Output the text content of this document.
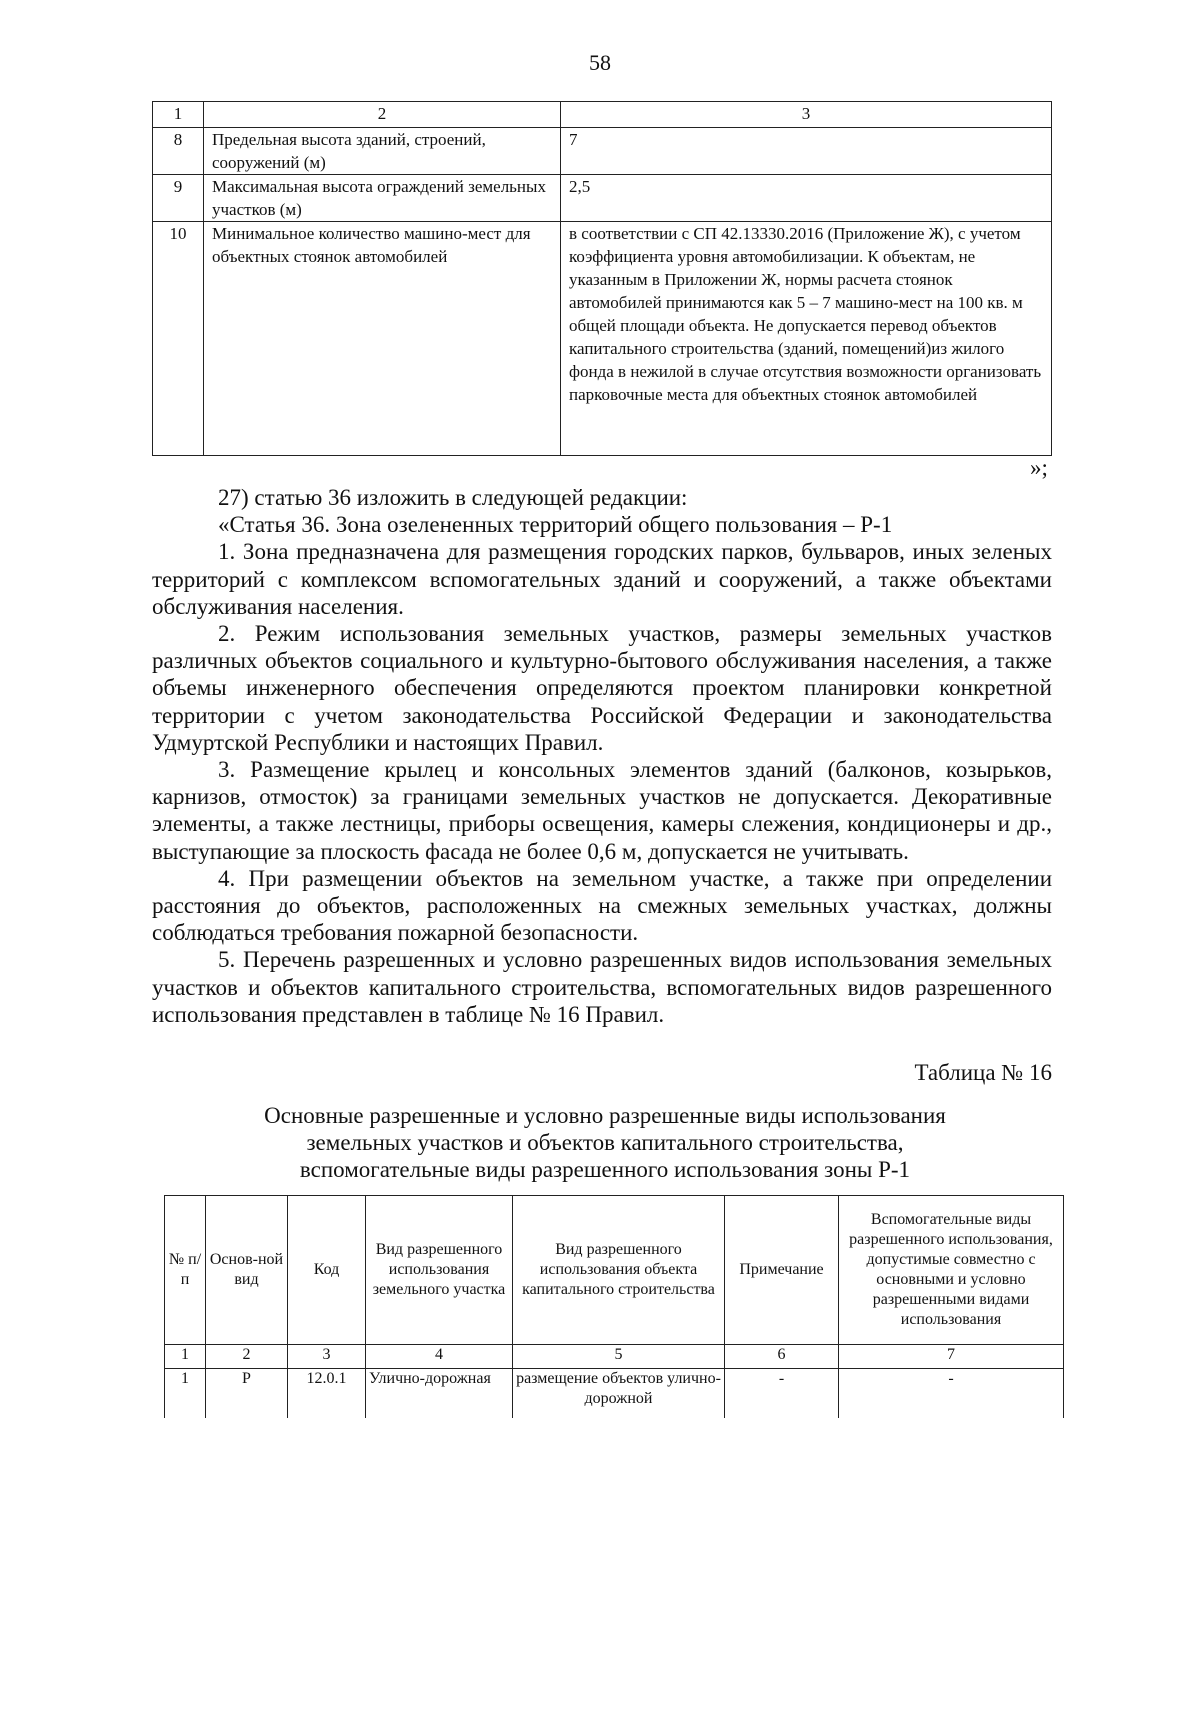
58
1	2	3
8	Предельная высота зданий, строений, сооружений (м)	7
9	Максимальная высота ограждений земельных участков (м)	2,5
10	Минимальное количество машино-мест для объектных стоянок автомобилей	в соответствии с СП 42.13330.2016 (Приложение Ж), с учетом коэффициента уровня автомобилизации. К объектам, не указанным в Приложении Ж, нормы расчета стоянок автомобилей принимаются как 5 – 7 машино-мест на 100 кв. м общей площади объекта. Не допускается перевод объектов капитального строительства (зданий, помещений)из жилого фонда в нежилой в случае отсутствия возможности организовать парковочные места для объектных стоянок автомобилей
»;

27) статью 36 изложить в следующей редакции:

«Статья 36. Зона озелененных территорий общего пользования – Р-1

1. Зона предназначена для размещения городских парков, бульваров, иных зеленых территорий с комплексом вспомогательных зданий и сооружений, а также объектами обслуживания населения.

2. Режим использования земельных участков, размеры земельных участков различных объектов социального и культурно-бытового обслуживания населения, а также объемы инженерного обеспечения определяются проектом планировки конкретной территории с учетом законодательства Российской Федерации и законодательства Удмуртской Республики и настоящих Правил.

3. Размещение крылец и консольных элементов зданий (балконов, козырьков, карнизов, отмосток) за границами земельных участков не допускается. Декоративные элементы, а также лестницы, приборы освещения, камеры слежения, кондиционеры и др., выступающие за плоскость фасада не более 0,6 м, допускается не учитывать.

4. При размещении объектов на земельном участке, а также при определении расстояния до объектов, расположенных на смежных земельных участках, должны соблюдаться требования пожарной безопасности.

5. Перечень разрешенных и условно разрешенных видов использования земельных участков и объектов капитального строительства, вспомогательных видов разрешенного использования представлен в таблице № 16 Правил.

Таблица № 16
Основные разрешенные и условно разрешенные виды использования
земельных участков и объектов капитального строительства,
вспомогательные виды разрешенного использования зоны Р-1
№ п/п	Основ-ной вид	Код	Вид разрешенного использования земельного участка	Вид разрешенного использования объекта капитального строительства	Примечание	Вспомогательные виды разрешенного использования, допустимые совместно с основными и условно разрешенными видами использования
1	2	3	4	5	6	7
1	Р	12.0.1	Улично-дорожная	размещение объектов улично-дорожной	-	-
